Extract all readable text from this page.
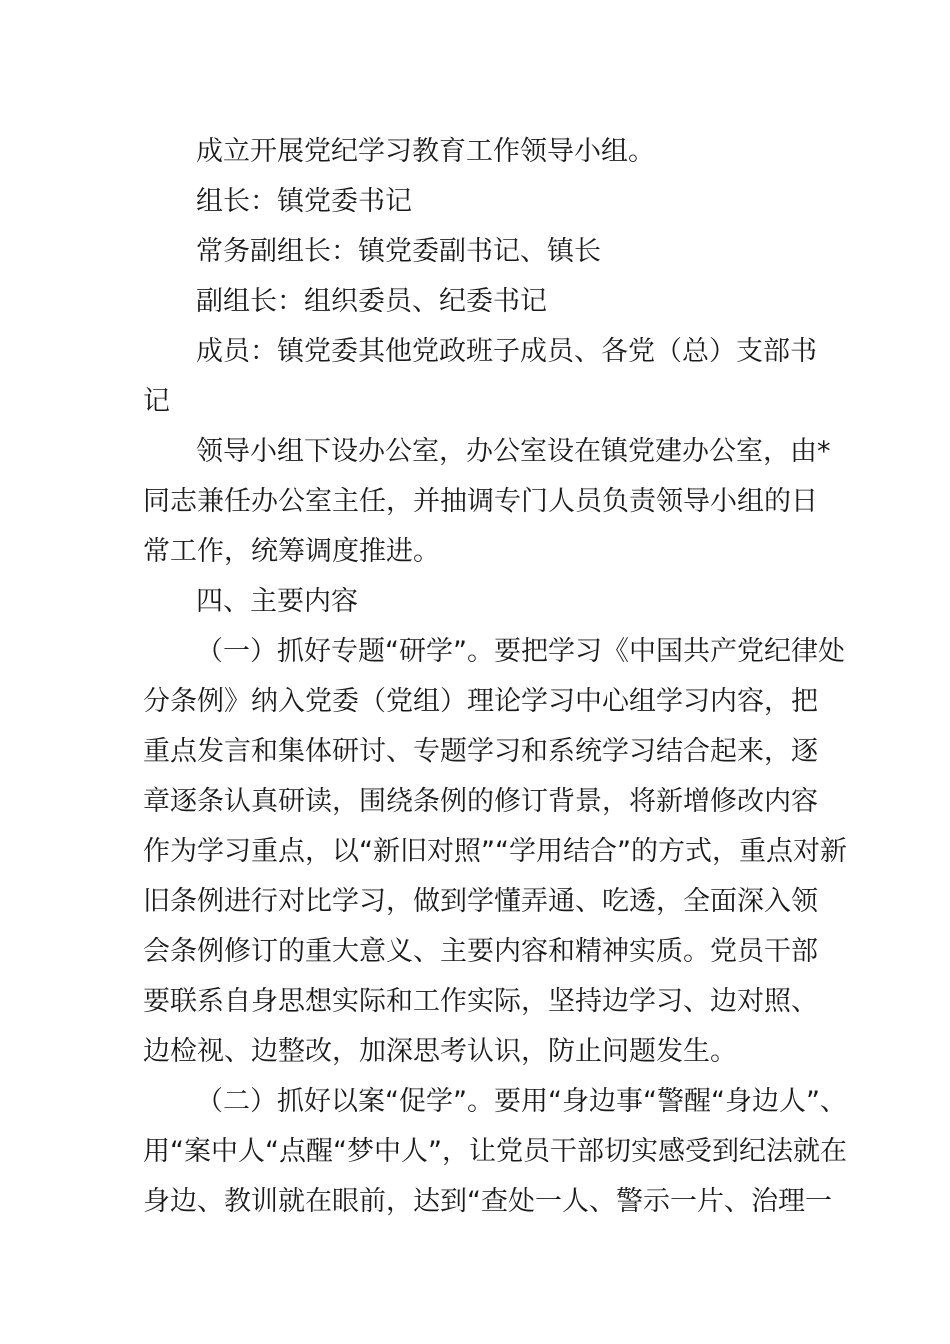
成立开展党纪学习教育工作领导小组。
组长：镇党委书记
常务副组长：镇党委副书记、镇长
副组长：组织委员、纪委书记
成员：镇党委其他党政班子成员、各党（总）支部书
记
领导小组下设办公室，办公室设在镇党建办公室，由*
同志兼任办公室主任，并抽调专门人员负责领导小组的日
常工作，统筹调度推进。
四、主要内容
（一）抓好专题“研学”。要把学习《中国共产党纪律处
分条例》纳入党委（党组）理论学习中心组学习内容，把
重点发言和集体研讨、专题学习和系统学习结合起来，逐
章逐条认真研读，围绕条例的修订背景，将新增修改内容
作为学习重点，以“新旧对照”“学用结合”的方式，重点对新
旧条例进行对比学习，做到学懂弄通、吃透，全面深入领
会条例修订的重大意义、主要内容和精神实质。党员干部
要联系自身思想实际和工作实际，坚持边学习、边对照、
边检视、边整改，加深思考认识，防止问题发生。
（二）抓好以案“促学”。要用“身边事“警醒“身边人”、
用“案中人“点醒“梦中人”，让党员干部切实感受到纪法就在
身边、教训就在眼前，达到“查处一人、警示一片、治理一
